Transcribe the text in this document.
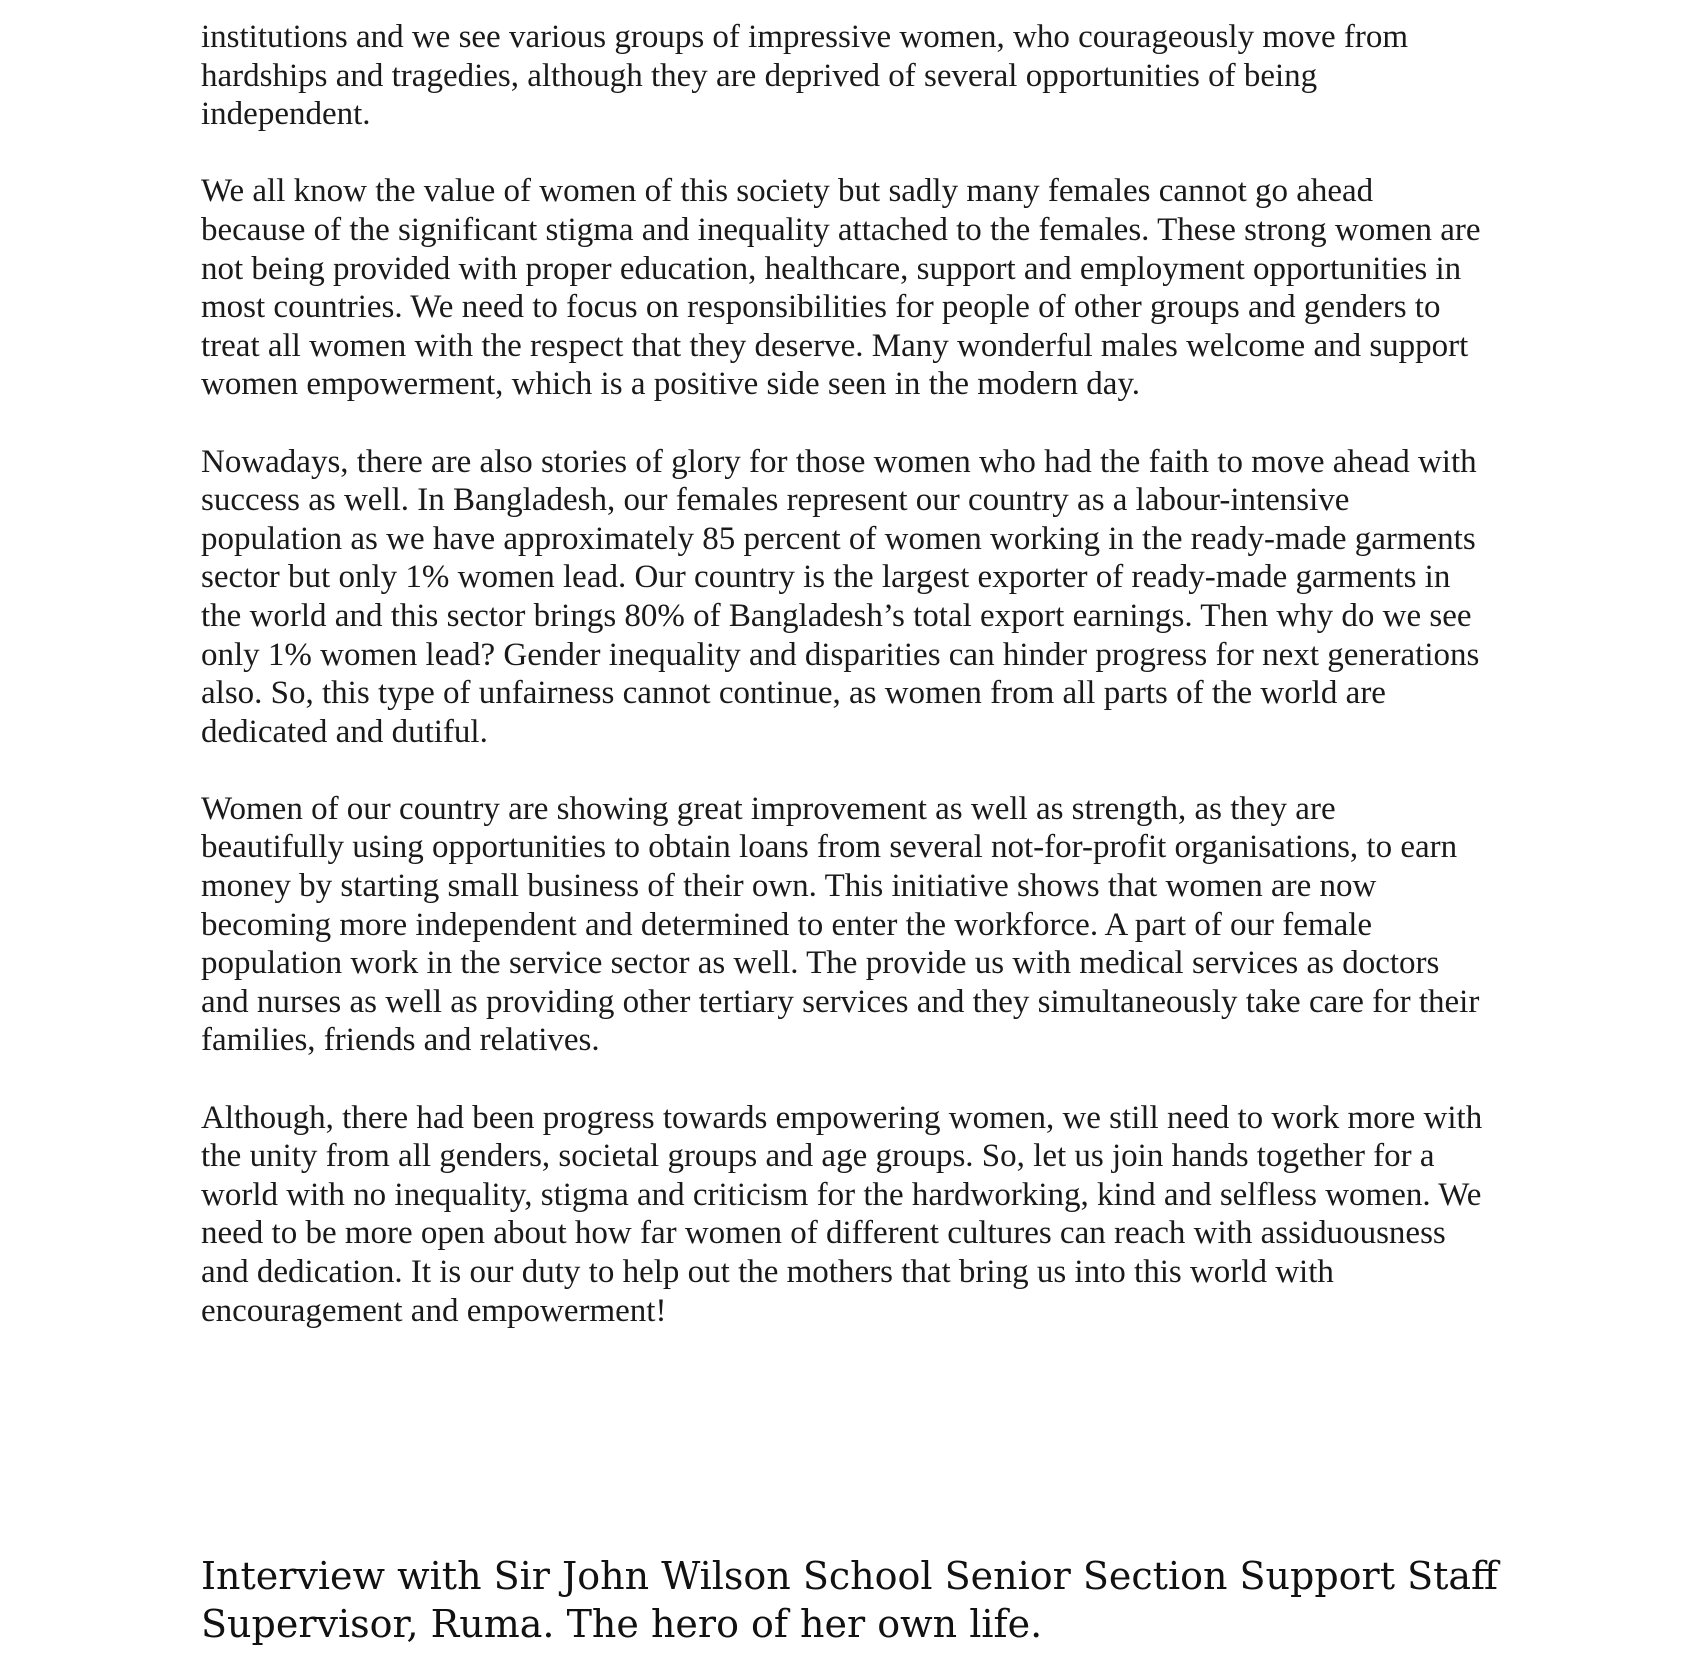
institutions and we see various groups of impressive women, who courageously move from
hardships and tragedies, although they are deprived of several opportunities of being
independent.

We all know the value of women of this society but sadly many females cannot go ahead
because of the significant stigma and inequality attached to the females. These strong women are
not being provided with proper education, healthcare, support and employment opportunities in
most countries. We need to focus on responsibilities for people of other groups and genders to
treat all women with the respect that they deserve. Many wonderful males welcome and support
women empowerment, which is a positive side seen in the modern day.

Nowadays, there are also stories of glory for those women who had the faith to move ahead with
success as well. In Bangladesh, our females represent our country as a labour-intensive
population as we have approximately 85 percent of women working in the ready-made garments
sector but only 1% women lead. Our country is the largest exporter of ready-made garments in
the world and this sector brings 80% of Bangladesh’s total export earnings. Then why do we see
only 1% women lead? Gender inequality and disparities can hinder progress for next generations
also. So, this type of unfairness cannot continue, as women from all parts of the world are
dedicated and dutiful.

Women of our country are showing great improvement as well as strength, as they are
beautifully using opportunities to obtain loans from several not-for-profit organisations, to earn
money by starting small business of their own. This initiative shows that women are now
becoming more independent and determined to enter the workforce. A part of our female
population work in the service sector as well. The provide us with medical services as doctors
and nurses as well as providing other tertiary services and they simultaneously take care for their
families, friends and relatives.

Although, there had been progress towards empowering women, we still need to work more with
the unity from all genders, societal groups and age groups. So, let us join hands together for a
world with no inequality, stigma and criticism for the hardworking, kind and selfless women. We
need to be more open about how far women of different cultures can reach with assiduousness
and dedication. It is our duty to help out the mothers that bring us into this world with
encouragement and empowerment!

Interview with Sir John Wilson School Senior Section Support Staff
Supervisor, Ruma. The hero of her own life.
